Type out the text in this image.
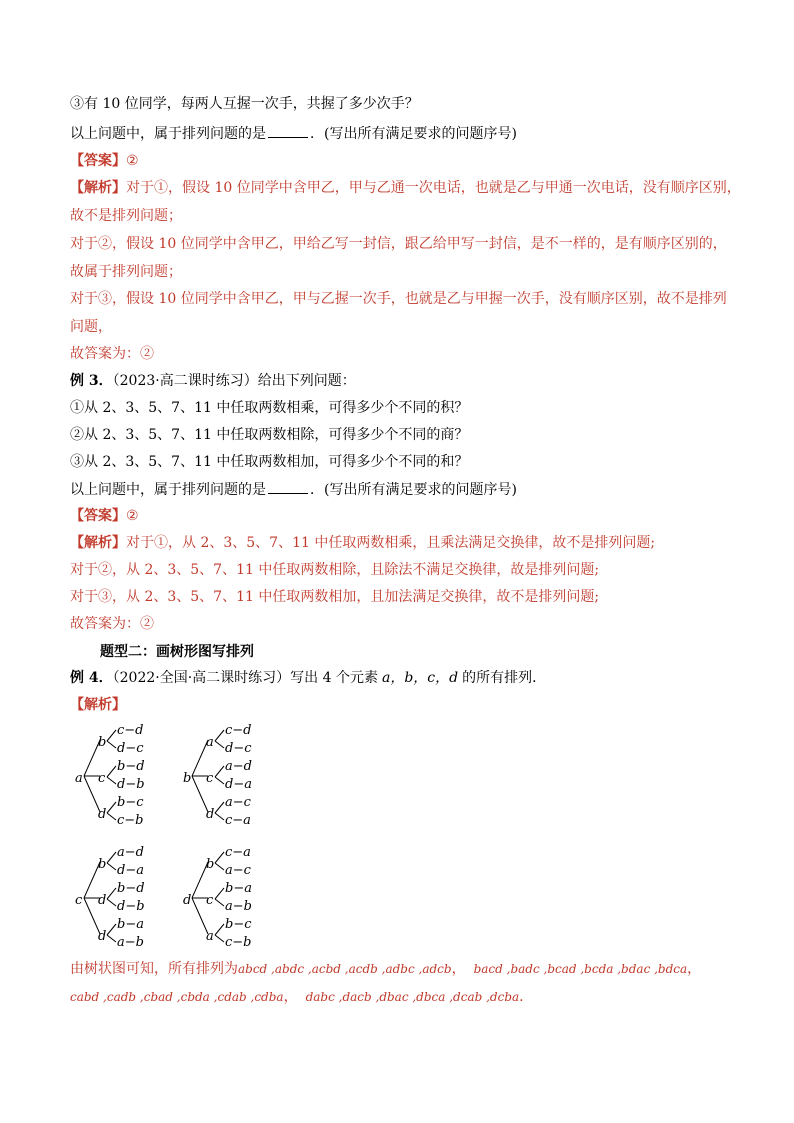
③有 10 位同学，每两人互握一次手，共握了多少次手？
以上问题中，属于排列问题的是	．(写出所有满足要求的问题序号)
【答案】②
【解析】对于①，假设 10 位同学中含甲乙，甲与乙通一次电话，也就是乙与甲通一次电话，没有顺序区别，
故不是排列问题；
对于②，假设 10 位同学中含甲乙，甲给乙写一封信，跟乙给甲写一封信，是不一样的，是有顺序区别的，
故属于排列问题；
对于③，假设 10 位同学中含甲乙，甲与乙握一次手，也就是乙与甲握一次手，没有顺序区别，故不是排列
问题，
故答案为：②
例 3．（2023·高二课时练习）给出下列问题：
①从 2、3、5、7、11 中任取两数相乘，可得多少个不同的积？
②从 2、3、5、7、11 中任取两数相除，可得多少个不同的商？
③从 2、3、5、7、11 中任取两数相加，可得多少个不同的和？
以上问题中，属于排列问题的是	．(写出所有满足要求的问题序号)
【答案】②
【解析】对于①，从 2、3、5、7、11 中任取两数相乘，且乘法满足交换律，故不是排列问题;
对于②，从 2、3、5、7、11 中任取两数相除，且除法不满足交换律，故是排列问题;
对于③，从 2、3、5、7、11 中任取两数相加，且加法满足交换律，故不是排列问题;
故答案为：②
题型二：画树形图写排列
例 4．（2022·全国·高二课时练习）写出 4 个元素 a，b，c，d 的所有排列．
【解析】
a
b
c−d
d−c
c
b−d
d−b
d
b−c
c−b
b
a
c−d
d−c
c
a−d
d−a
d
a−c
c−a
c
b
a−d
d−a
d
b−d
d−b
d
b−a
a−b
d
b
c−a
a−c
c
b−a
a−b
a
b−c
c−b
由树状图可知，所有排列为abcd ,abdc ,acbd ,acdb ,adbc ,adcb， bacd ,badc ,bcad ,bcda ,bdac ,bdca，
cabd ,cadb ,cbad ,cbda ,cdab ,cdba， dabc ,dacb ,dbac ,dbca ,dcab ,dcba.
